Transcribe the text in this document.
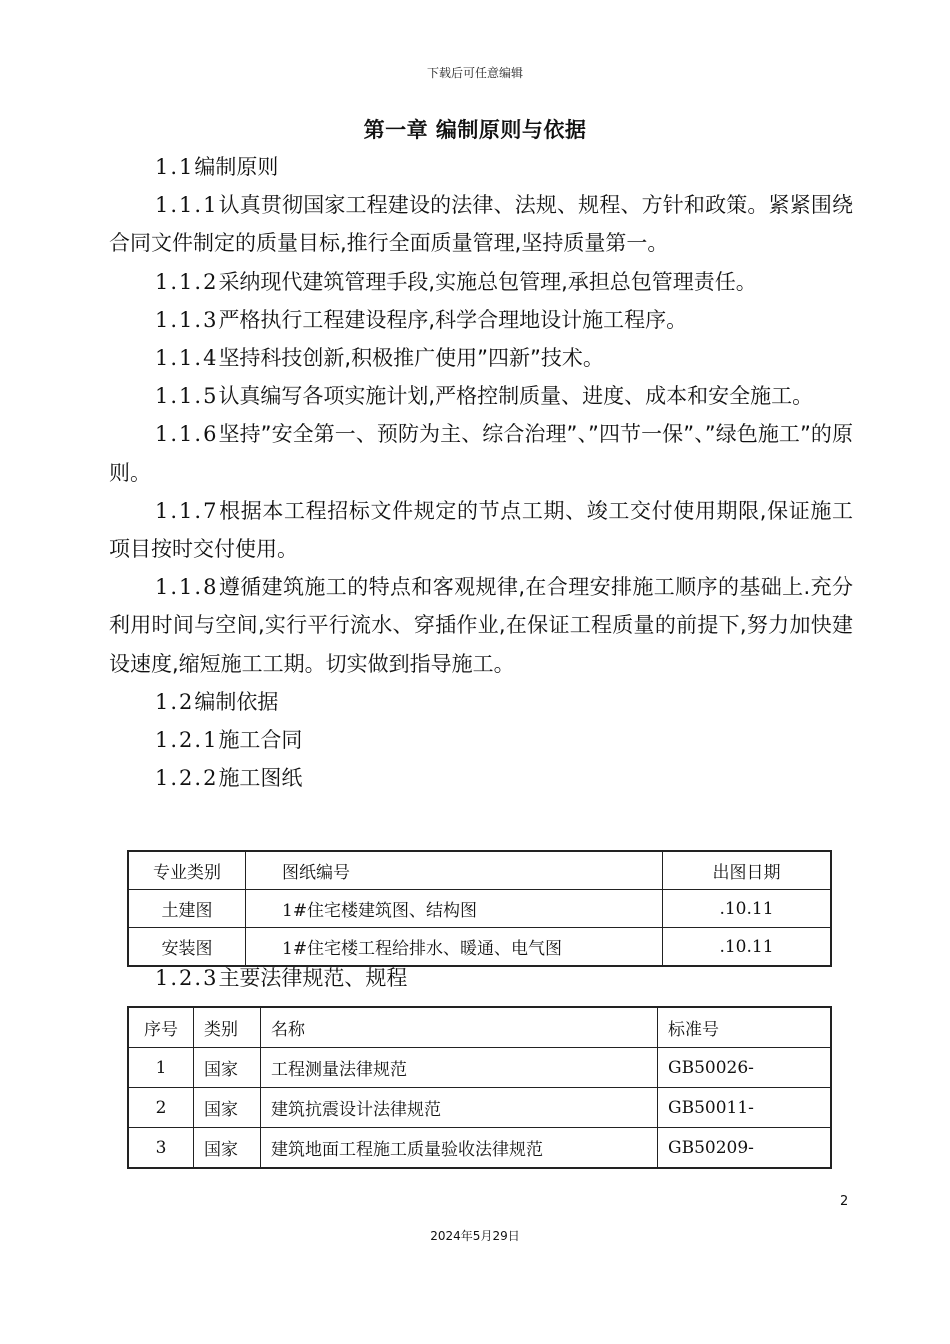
下载后可任意编辑
第一章 编制原则与依据

1.1编制原则

1.1.1认真贯彻国家工程建设的法律、法规、规程、方针和政策。紧紧围绕合同文件制定的质量目标,推行全面质量管理,坚持质量第一。

1.1.2采纳现代建筑管理手段,实施总包管理,承担总包管理责任。

1.1.3严格执行工程建设程序,科学合理地设计施工程序。

1.1.4坚持科技创新,积极推广使用”四新”技术。

1.1.5认真编写各项实施计划,严格控制质量、进度、成本和安全施工。

1.1.6坚持”安全第一、预防为主、综合治理”、”四节一保”、”绿色施工”的原则。

1.1.7根据本工程招标文件规定的节点工期、竣工交付使用期限,保证施工项目按时交付使用。

1.1.8遵循建筑施工的特点和客观规律,在合理安排施工顺序的基础上.充分利用时间与空间,实行平行流水、穿插作业,在保证工程质量的前提下,努力加快建设速度,缩短施工工期。切实做到指导施工。

1.2编制依据

1.2.1施工合同

1.2.2施工图纸

专业类别	图纸编号	出图日期
土建图	1#住宅楼建筑图、结构图	.10.11
安装图	1#住宅楼工程给排水、暖通、电气图	.10.11
1.2.3主要法律规范、规程
序号	类别	名称	标准号
1	国家	工程测量法律规范	GB50026-
2	国家	建筑抗震设计法律规范	GB50011-
3	国家	建筑地面工程施工质量验收法律规范	GB50209-
2
2024年5月29日
